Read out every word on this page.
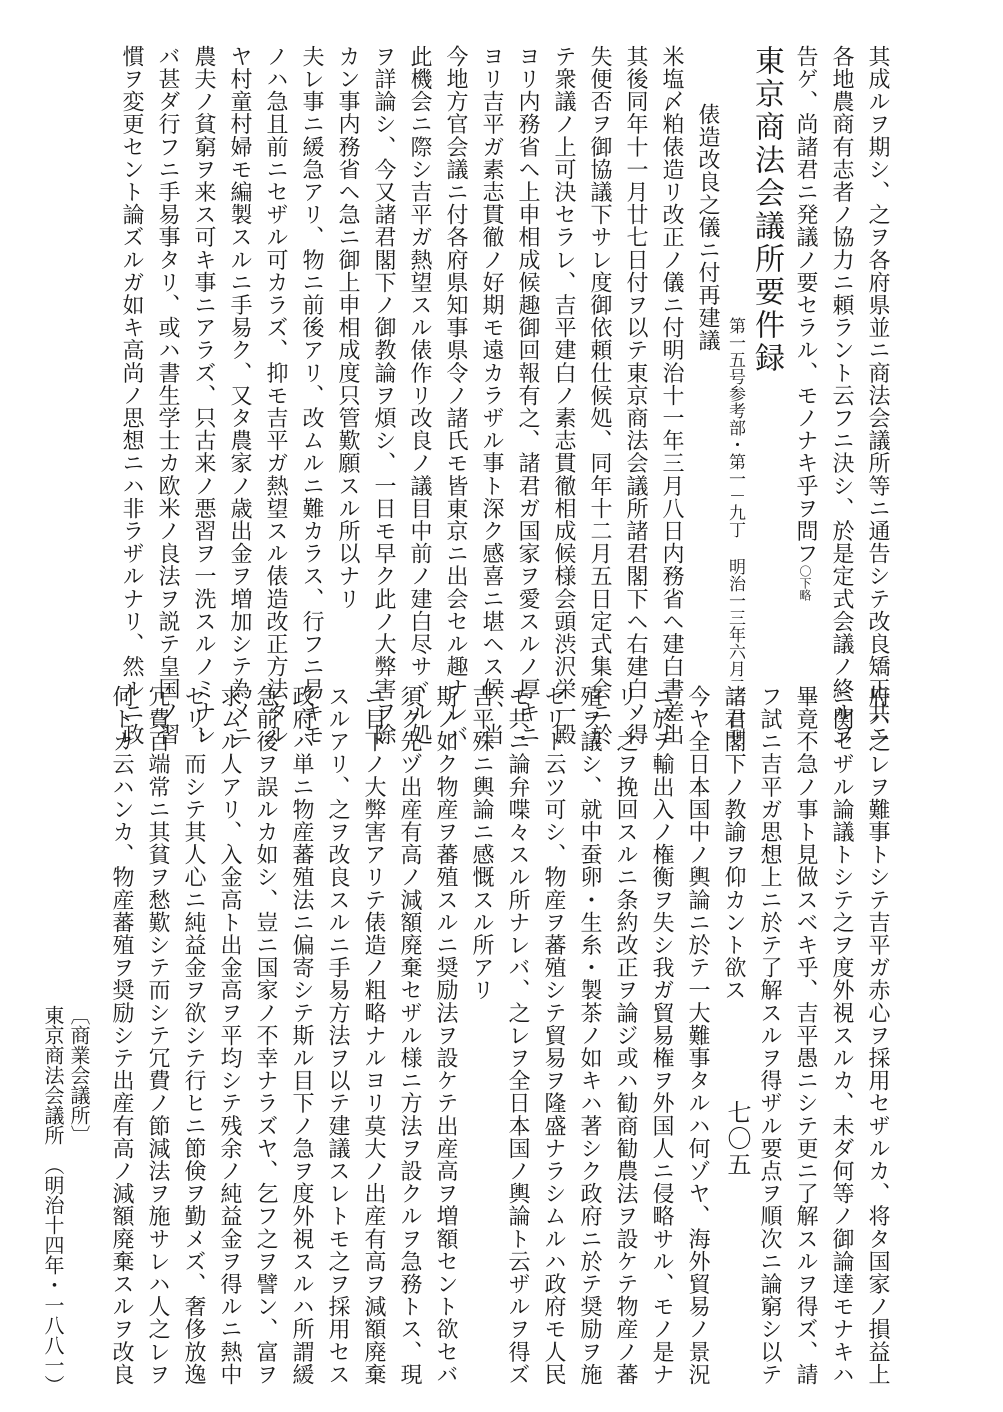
其成ルヲ期シ、之ヲ各府県並ニ商法会議所等ニ通告シテ改良矯正共ニ
各地農商有志者ノ協力ニ頼ラント云フニ決シ、於是定式会議ノ終ルヲ
告ゲ、尚諸君ニ発議ノ要セラル、モノナキ乎ヲ問フ〇下略
東京商法会議所要件録
第一五号参考部・第一－九丁 明治一三年六月二一日刊
俵造改良之儀ニ付再建議
米塩〆粕俵造リ改正ノ儀ニ付明治十一年三月八日内務省ヘ建白書差出
其後同年十一月廿七日付ヲ以テ東京商法会議所諸君閣下ヘ右建白ノ得
失便否ヲ御協議下サレ度御依頼仕候処、同年十二月五日定式集会ニ於
テ衆議ノ上可決セラレ、吉平建白ノ素志貫徹相成候様会頭渋沢栄一殿
ヨリ内務省ヘ上申相成候趣御回報有之、諸君ガ国家ヲ愛スルノ厚キニ
ヨリ吉平ガ素志貫徹ノ好期モ遠カラザル事ト深ク感喜ニ堪ヘス候、当
今地方官会議ニ付各府県知事県令ノ諸氏モ皆東京ニ出会セル趣ナレバ
此機会ニ際シ吉平ガ熱望スル俵作リ改良ノ議目中前ノ建白尽サヾル処
ヲ詳論シ、今又諸君閣下ノ御教論ヲ煩シ、一日モ早ク此ノ大弊害ヲ除
カン事内務省ヘ急ニ御上申相成度只管歎願スル所以ナリ
夫レ事ニ緩急アリ、物ニ前後アリ、改ムルニ難カラス、行フニ易キモ
ノハ急且前ニセザル可カラズ、抑モ吉平ガ熱望スル俵造改正方法タル
ヤ村童村婦モ編製スルニ手易ク、又タ農家ノ歳出金ヲ増加シテ為メニ
農夫ノ貧窮ヲ来ス可キ事ニアラズ、只古来ノ悪習ヲ一洗スルノミナレ
バ甚ダ行フニ手易事タリ、或ハ書生学士カ欧米ノ良法ヲ説テ皇国ノ習
慣ヲ変更セント論ズルガ如キ高尚ノ思想ニハ非ラザルナリ、然ルニ政
府ハ之レヲ難事トシテ吉平ガ赤心ヲ採用セザルカ、将タ国家ノ損益上
ニ関セザル論議トシテ之ヲ度外視スルカ、未ダ何等ノ御論達モナキハ
畢竟不急ノ事ト見做スベキ乎、吉平愚ニシテ更ニ了解スルヲ得ズ、請
フ試ニ吉平ガ思想上ニ於テ了解スルヲ得ザル要点ヲ順次ニ論窮シ以テ
諸君閣下ノ教諭ヲ仰カント欲ス
今ヤ全日本国中ノ輿論ニ於テ一大難事タルハ何ゾヤ、海外貿易ノ景況
ニ於テ輸出入ノ権衡ヲ失シ我ガ貿易権ヲ外国人ニ侵略サル、モノ是ナ
リ、之ヲ挽回スルニ条約改正ヲ論ジ或ハ勧商勧農法ヲ設ケテ物産ノ蕃
殖ヲ議シ、就中蚕卵・生糸・製茶ノ如キハ著シク政府ニ於テ奨励ヲ施
セリト云ツ可シ、物産ヲ蕃殖シテ貿易ヲ隆盛ナラシムルハ政府モ人民
モ共ニ論弁喋々スル所ナレバ、之レヲ全日本国ノ輿論ト云ザルヲ得ズ
吉平殊ニ輿論ニ感慨スル所アリ
斯ノ如ク物産ヲ蕃殖スルニ奨励法ヲ設ケテ出産高ヲ増額セント欲セバ
須ク先ヅ出産有高ノ減額廃棄セザル様ニ方法ヲ設クルヲ急務トス、現
ニ目下ノ大弊害アリテ俵造ノ粗略ナルヨリ莫大ノ出産有高ヲ減額廃棄
スルアリ、之ヲ改良スルニ手易方法ヲ以テ建議スレトモ之ヲ採用セス
政府ハ単ニ物産蕃殖法ニ偏寄シテ斯ル目下ノ急ヲ度外視スルハ所謂緩
急前後ヲ誤ルカ如シ、豈ニ国家ノ不幸ナラズヤ、乞フ之ヲ譬ン、富ヲ
求ムル人アリ、入金高ト出金高ヲ平均シテ残余ノ純益金ヲ得ルニ熱中
セリ、而シテ其人心ニ純益金ヲ欲シテ行ヒニ節倹ヲ勤メズ、奢侈放逸
冗費百端常ニ其貧ヲ愁歎シテ而シテ冗費ノ節減法ヲ施サレハ人之レヲ
何トカ云ハンカ、物産蕃殖ヲ奨励シテ出産有高ノ減額廃棄スルヲ改良	七〇五
〔商業会議所〕
東京商法会議所　（明治十四年・一八八一）
